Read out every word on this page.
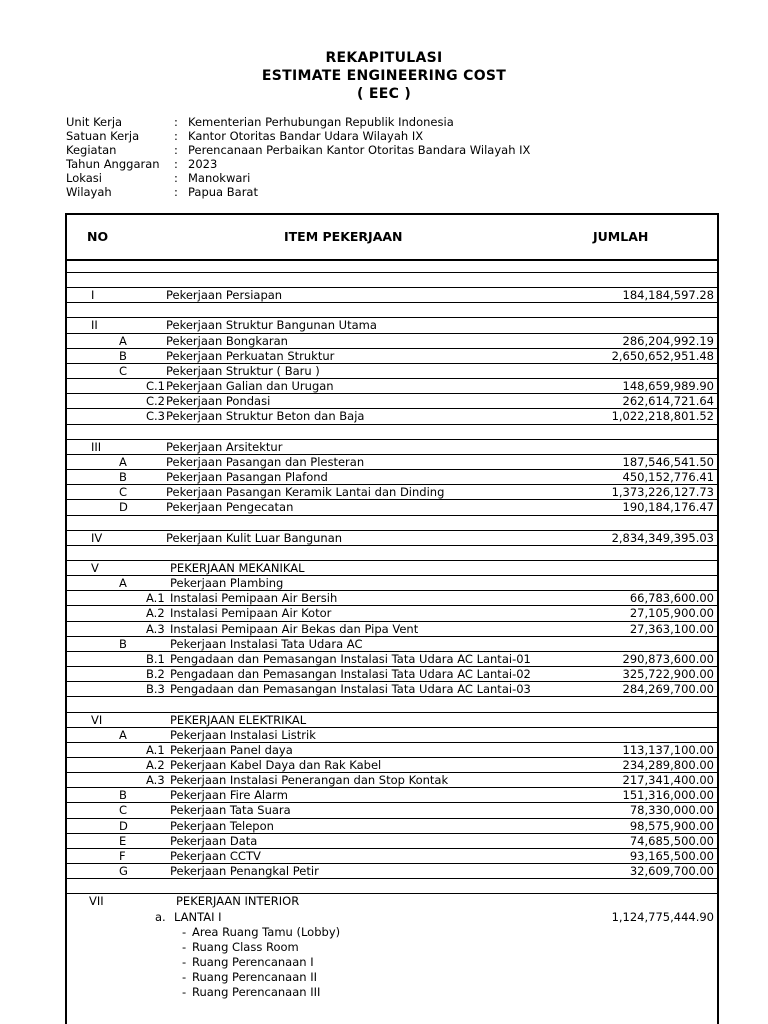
REKAPITULASI
ESTIMATE ENGINEERING COST
( EEC )
Unit Kerja	: Kementerian Perhubungan Republik Indonesia
Satuan Kerja	: Kantor Otoritas Bandar Udara Wilayah IX
Kegiatan	: Perencanaan Perbaikan Kantor Otoritas Bandara Wilayah IX
Tahun Anggaran	: 2023
Lokasi	: Manokwari
Wilayah	: Papua Barat
NO	ITEM PEKERJAAN	JUMLAH
I	Pekerjaan Persiapan	184,184,597.28
II	Pekerjaan Struktur Bangunan Utama
A	Pekerjaan Bongkaran	286,204,992.19
B	Pekerjaan Perkuatan Struktur	2,650,652,951.48
C	Pekerjaan Struktur ( Baru )
C.1 Pekerjaan Galian dan Urugan	148,659,989.90
C.2 Pekerjaan Pondasi	262,614,721.64
C.3 Pekerjaan Struktur Beton dan Baja	1,022,218,801.52
III	Pekerjaan Arsitektur
A	Pekerjaan Pasangan dan Plesteran	187,546,541.50
B	Pekerjaan Pasangan Plafond	450,152,776.41
C	Pekerjaan Pasangan Keramik Lantai dan Dinding	1,373,226,127.73
D	Pekerjaan Pengecatan	190,184,176.47
IV	Pekerjaan Kulit Luar Bangunan	2,834,349,395.03
V	PEKERJAAN MEKANIKAL
A	Pekerjaan Plambing
A.1 Instalasi Pemipaan Air Bersih	66,783,600.00
A.2 Instalasi Pemipaan Air Kotor	27,105,900.00
A.3 Instalasi Pemipaan Air Bekas dan Pipa Vent	27,363,100.00
B	Pekerjaan Instalasi Tata Udara AC
B.1 Pengadaan dan Pemasangan Instalasi Tata Udara AC Lantai-01	290,873,600.00
B.2 Pengadaan dan Pemasangan Instalasi Tata Udara AC Lantai-02	325,722,900.00
B.3 Pengadaan dan Pemasangan Instalasi Tata Udara AC Lantai-03	284,269,700.00
VI	PEKERJAAN ELEKTRIKAL
A	Pekerjaan Instalasi Listrik
A.1 Pekerjaan Panel daya	113,137,100.00
A.2 Pekerjaan Kabel Daya dan Rak Kabel	234,289,800.00
A.3 Pekerjaan Instalasi Penerangan dan Stop Kontak	217,341,400.00
B	Pekerjaan Fire Alarm	151,316,000.00
C	Pekerjaan Tata Suara	78,330,000.00
D	Pekerjaan Telepon	98,575,900.00
E	Pekerjaan Data	74,685,500.00
F	Pekerjaan CCTV	93,165,500.00
G	Pekerjaan Penangkal Petir	32,609,700.00
VII	PEKERJAAN INTERIOR
a. LANTAI I	1,124,775,444.90
- Area Ruang Tamu (Lobby)
- Ruang Class Room
- Ruang Perencanaan I
- Ruang Perencanaan II
- Ruang Perencanaan III
